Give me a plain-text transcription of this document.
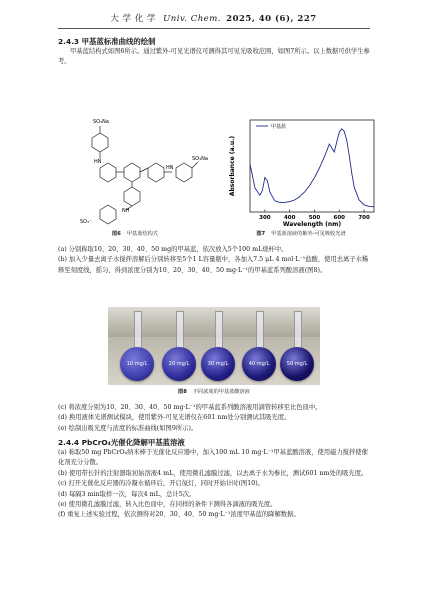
大 学 化 学 Univ. Chem. 2025, 40 (6), 227
2.4.3 甲基蓝标准曲线的绘制
甲基蓝结构式如图6所示。通过紫外-可见光谱仪可测得其可见光吸收范围，如图7所示。以上数据可供学生参考。
SO₃Na
HN
HN
SO₃Na
NH
SO₃⁻
图6 甲基蓝结构式
甲基蓝
Wavelength (nm)
Absorbance (a.u.)
300 400 500 600 700
图7 甲基蓝溶液的紫外-可见吸收光谱
(a) 分别称取10、20、30、40、50 mg的甲基蓝，依次放入5个100 mL烧杯中。
(b) 加入少量去离子水搅拌溶解后分别转移至5个1 L容量瓶中，各加入7.5 μL 4 mol·L⁻¹盐酸，使用去离子水稀释至刻度线，摇匀，得到浓度分别为10、20、30、40、50 mg·L⁻¹的甲基蓝系列酸溶液(图8)。
10 mg/L	20 mg/L	30 mg/L	40 mg/L	50 mg/L
图8 不同浓度的甲基蓝酸溶液
(c) 将浓度分别为10、20、30、40、50 mg·L⁻¹的甲基蓝系列酸溶液用滴管转移至比色皿中。
(d) 换用液体光谱测试模块，使用紫外-可见光谱仪在601 nm处分别测试其吸光度。
(e) 绘制出吸光度与浓度的标准曲线(如图9所示)。
2.4.4 PbCrO₄光催化降解甲基蓝溶液
(a) 称取50 mg PbCrO₄纳米棒于光催化反应器中，加入100 mL 10 mg·L⁻¹甲基蓝酸溶液，使用磁力搅拌使催化剂充分分散。
(b) 使用带长针的注射器取初始溶液4 mL，使用微孔滤膜过滤，以去离子水为参比，测试601 nm处的吸光度。
(c) 打开光催化反应器的冷凝水循环后，开启氙灯，同时开始计时(图10)。
(d) 每隔3 min取样一次，每次4 mL，总计5次。
(e) 使用微孔滤膜过滤，转入比色皿中，在同样的条件下测得各滴液的吸光度。
(f) 重复上述实验过程，依次测得对20、30、40、50 mg·L⁻¹浓度甲基蓝的降解数据。
